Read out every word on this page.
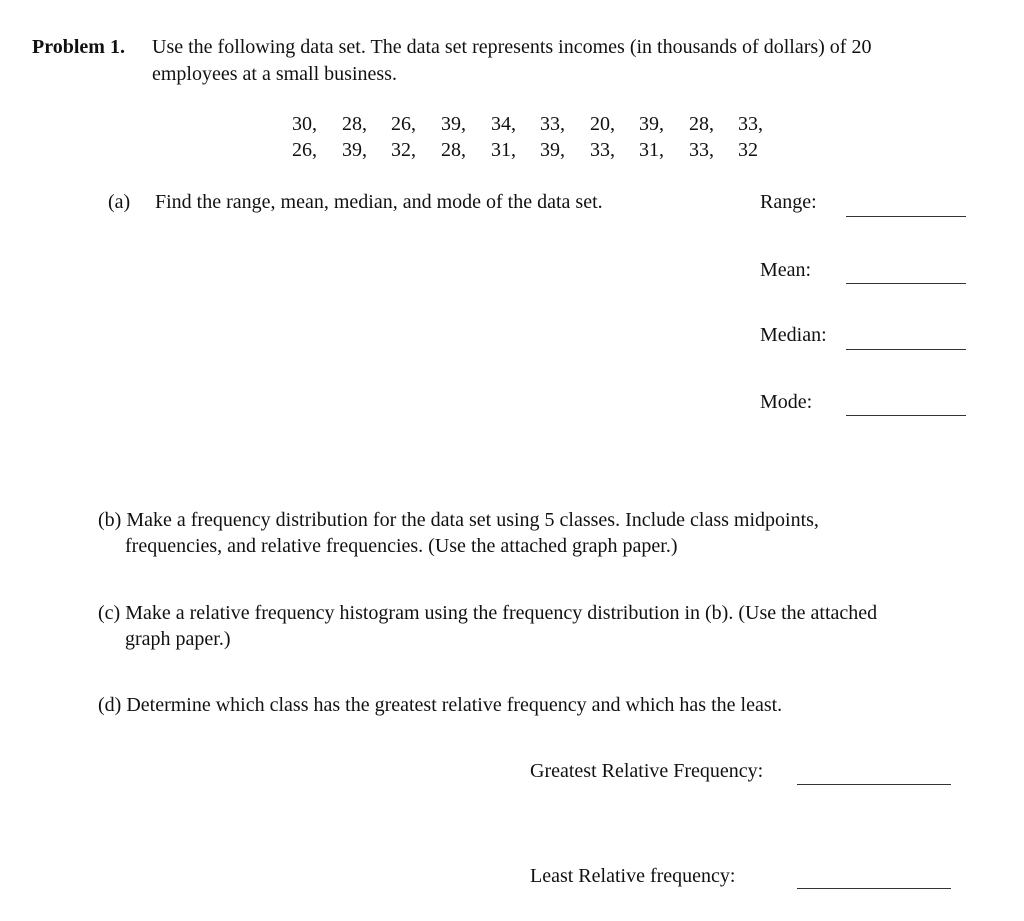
Problem 1. Use the following data set. The data set represents incomes (in thousands of dollars) of 20
employees at a small business.
30, 28, 26, 39, 34, 33, 20, 39, 28, 33,
26, 39, 32, 28, 31, 39, 33, 31, 33, 32
(a) Find the range, mean, median, and mode of the data set.	Range:
Mean:
Median:
Mode:
(b) Make a frequency distribution for the data set using 5 classes. Include class midpoints,
frequencies, and relative frequencies. (Use the attached graph paper.)
(c) Make a relative frequency histogram using the frequency distribution in (b). (Use the attached
graph paper.)
(d) Determine which class has the greatest relative frequency and which has the least.
Greatest Relative Frequency:
Least Relative frequency:
